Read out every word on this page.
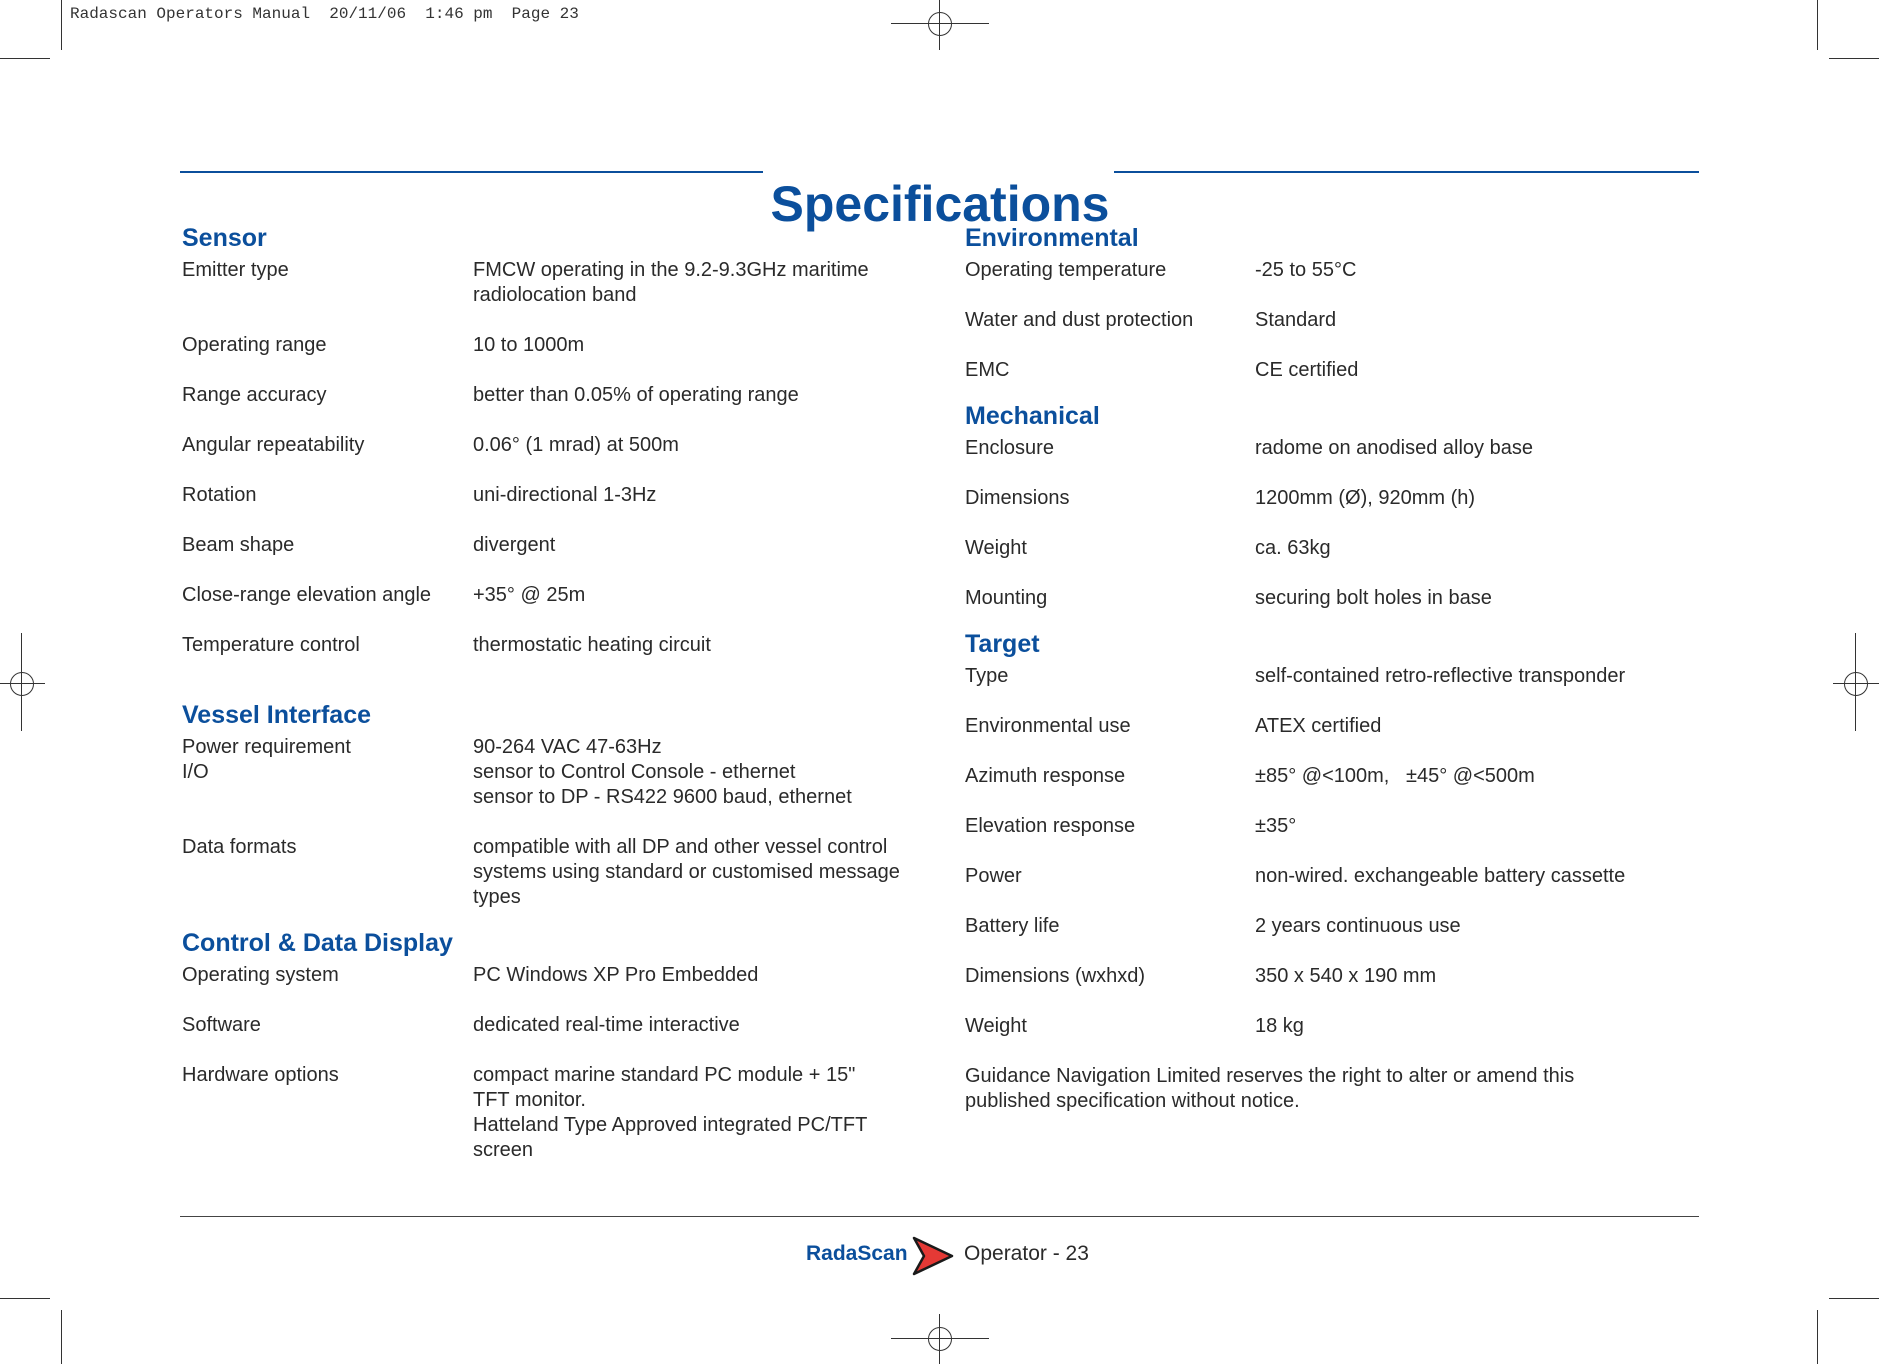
Radascan Operators Manual  20/11/06  1:46 pm  Page 23
Specifications
Sensor
Emitter type	FMCW operating in the 9.2-9.3GHz maritime radiolocation band
Operating range	10 to 1000m
Range accuracy	better than 0.05% of operating range
Angular repeatability	0.06° (1 mrad) at 500m
Rotation	uni-directional 1-3Hz
Beam shape	divergent
Close-range elevation angle	+35° @ 25m
Temperature control	thermostatic heating circuit
Vessel Interface
Power requirement	90-264 VAC 47-63Hz
I/O	sensor to Control Console - ethernet
sensor to DP - RS422 9600 baud, ethernet
Data formats	compatible with all DP and other vessel control systems using standard or customised message types
Control & Data Display
Operating system	PC Windows XP Pro Embedded
Software	dedicated real-time interactive
Hardware options	compact marine standard PC module + 15"
TFT monitor.
Hatteland Type Approved integrated PC/TFT screen
Environmental
Operating temperature	-25 to 55°C
Water and dust protection	Standard
EMC	CE certified
Mechanical
Enclosure	radome on anodised alloy base
Dimensions	1200mm (Ø), 920mm (h)
Weight	ca. 63kg
Mounting	securing bolt holes in base
Target
Type	self-contained retro-reflective transponder
Environmental use	ATEX certified
Azimuth response	±85° @<100m,   ±45° @<500m
Elevation response	±35°
Power	non-wired. exchangeable battery cassette
Battery life	2 years continuous use
Dimensions (wxhxd)	350 x 540 x 190 mm
Weight	18 kg
Guidance Navigation Limited reserves the right to alter or amend this published specification without notice.
RadaScan	Operator - 23
